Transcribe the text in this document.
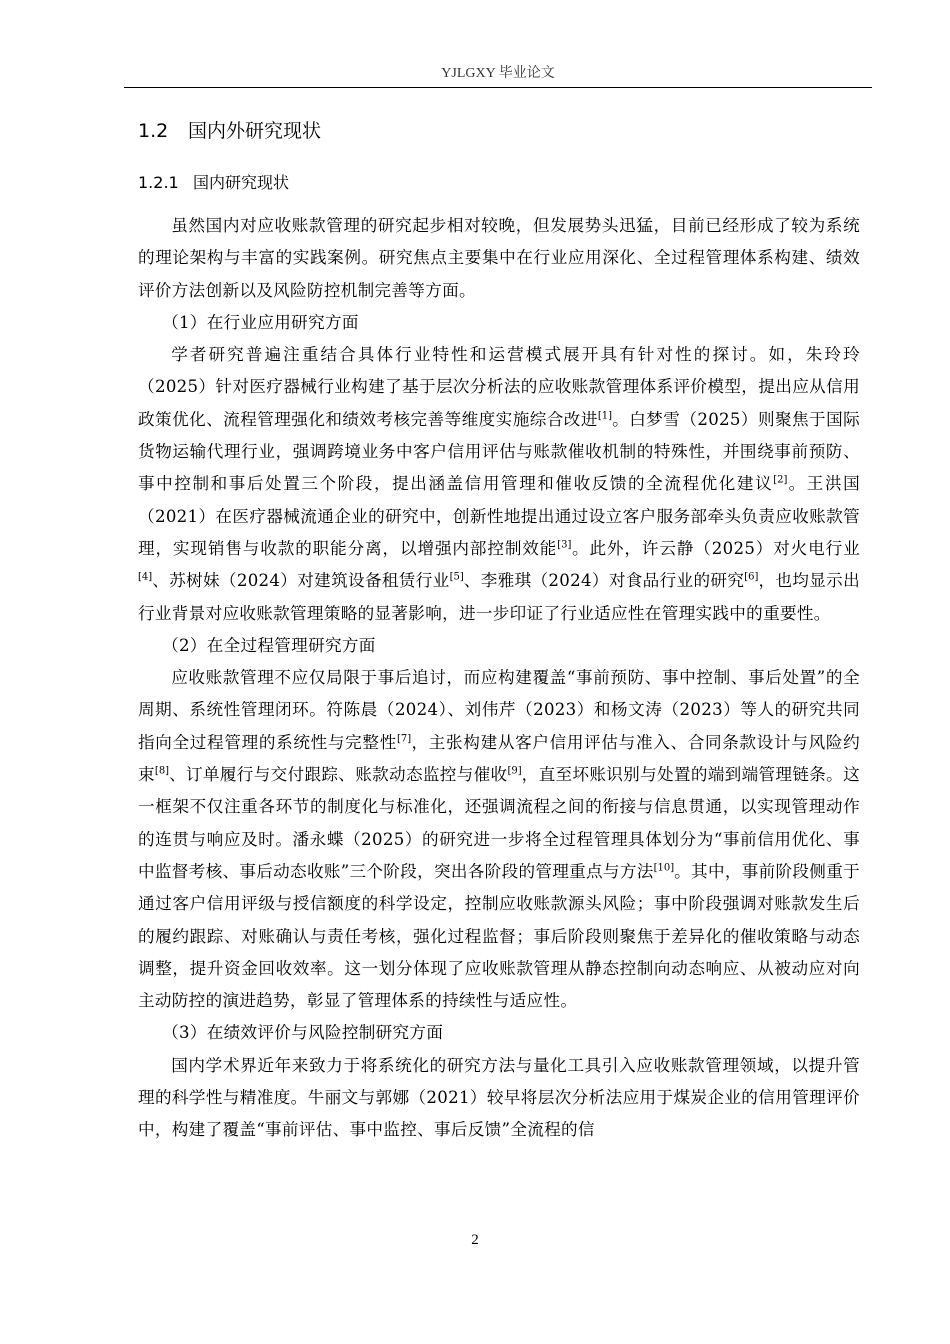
YJLGXY 毕业论文
1.2 国内外研究现状
1.2.1 国内研究现状

虽然国内对应收账款管理的研究起步相对较晚，但发展势头迅猛，目前已经形成了较为系统的理论架构与丰富的实践案例。研究焦点主要集中在行业应用深化、全过程管理体系构建、绩效评价方法创新以及风险防控机制完善等方面。

（1）在行业应用研究方面

学者研究普遍注重结合具体行业特性和运营模式展开具有针对性的探讨。如，朱玲玲（2025）针对医疗器械行业构建了基于层次分析法的应收账款管理体系评价模型，提出应从信用政策优化、流程管理强化和绩效考核完善等维度实施综合改进[1]。白梦雪（2025）则聚焦于国际货物运输代理行业，强调跨境业务中客户信用评估与账款催收机制的特殊性，并围绕事前预防、事中控制和事后处置三个阶段，提出涵盖信用管理和催收反馈的全流程优化建议[2]。王洪国（2021）在医疗器械流通企业的研究中，创新性地提出通过设立客户服务部牵头负责应收账款管理，实现销售与收款的职能分离，以增强内部控制效能[3]。此外，许云静（2025）对火电行业[4]、苏树妹（2024）对建筑设备租赁行业[5]、李雅琪（2024）对食品行业的研究[6]，也均显示出行业背景对应收账款管理策略的显著影响，进一步印证了行业适应性在管理实践中的重要性。

（2）在全过程管理研究方面

应收账款管理不应仅局限于事后追讨，而应构建覆盖“事前预防、事中控制、事后处置”的全周期、系统性管理闭环。符陈晨（2024）、刘伟芹（2023）和杨文涛（2023）等人的研究共同指向全过程管理的系统性与完整性[7]，主张构建从客户信用评估与准入、合同条款设计与风险约束[8]、订单履行与交付跟踪、账款动态监控与催收[9]，直至坏账识别与处置的端到端管理链条。这一框架不仅注重各环节的制度化与标准化，还强调流程之间的衔接与信息贯通，以实现管理动作的连贯与响应及时。潘永蝶（2025）的研究进一步将全过程管理具体划分为“事前信用优化、事中监督考核、事后动态收账”三个阶段，突出各阶段的管理重点与方法[10]。其中，事前阶段侧重于通过客户信用评级与授信额度的科学设定，控制应收账款源头风险；事中阶段强调对账款发生后的履约跟踪、对账确认与责任考核，强化过程监督；事后阶段则聚焦于差异化的催收策略与动态调整，提升资金回收效率。这一划分体现了应收账款管理从静态控制向动态响应、从被动应对向主动防控的演进趋势，彰显了管理体系的持续性与适应性。

（3）在绩效评价与风险控制研究方面

国内学术界近年来致力于将系统化的研究方法与量化工具引入应收账款管理领域，以提升管理的科学性与精准度。牛丽文与郭娜（2021）较早将层次分析法应用于煤炭企业的信用管理评价中，构建了覆盖“事前评估、事中监控、事后反馈”全流程的信

2
